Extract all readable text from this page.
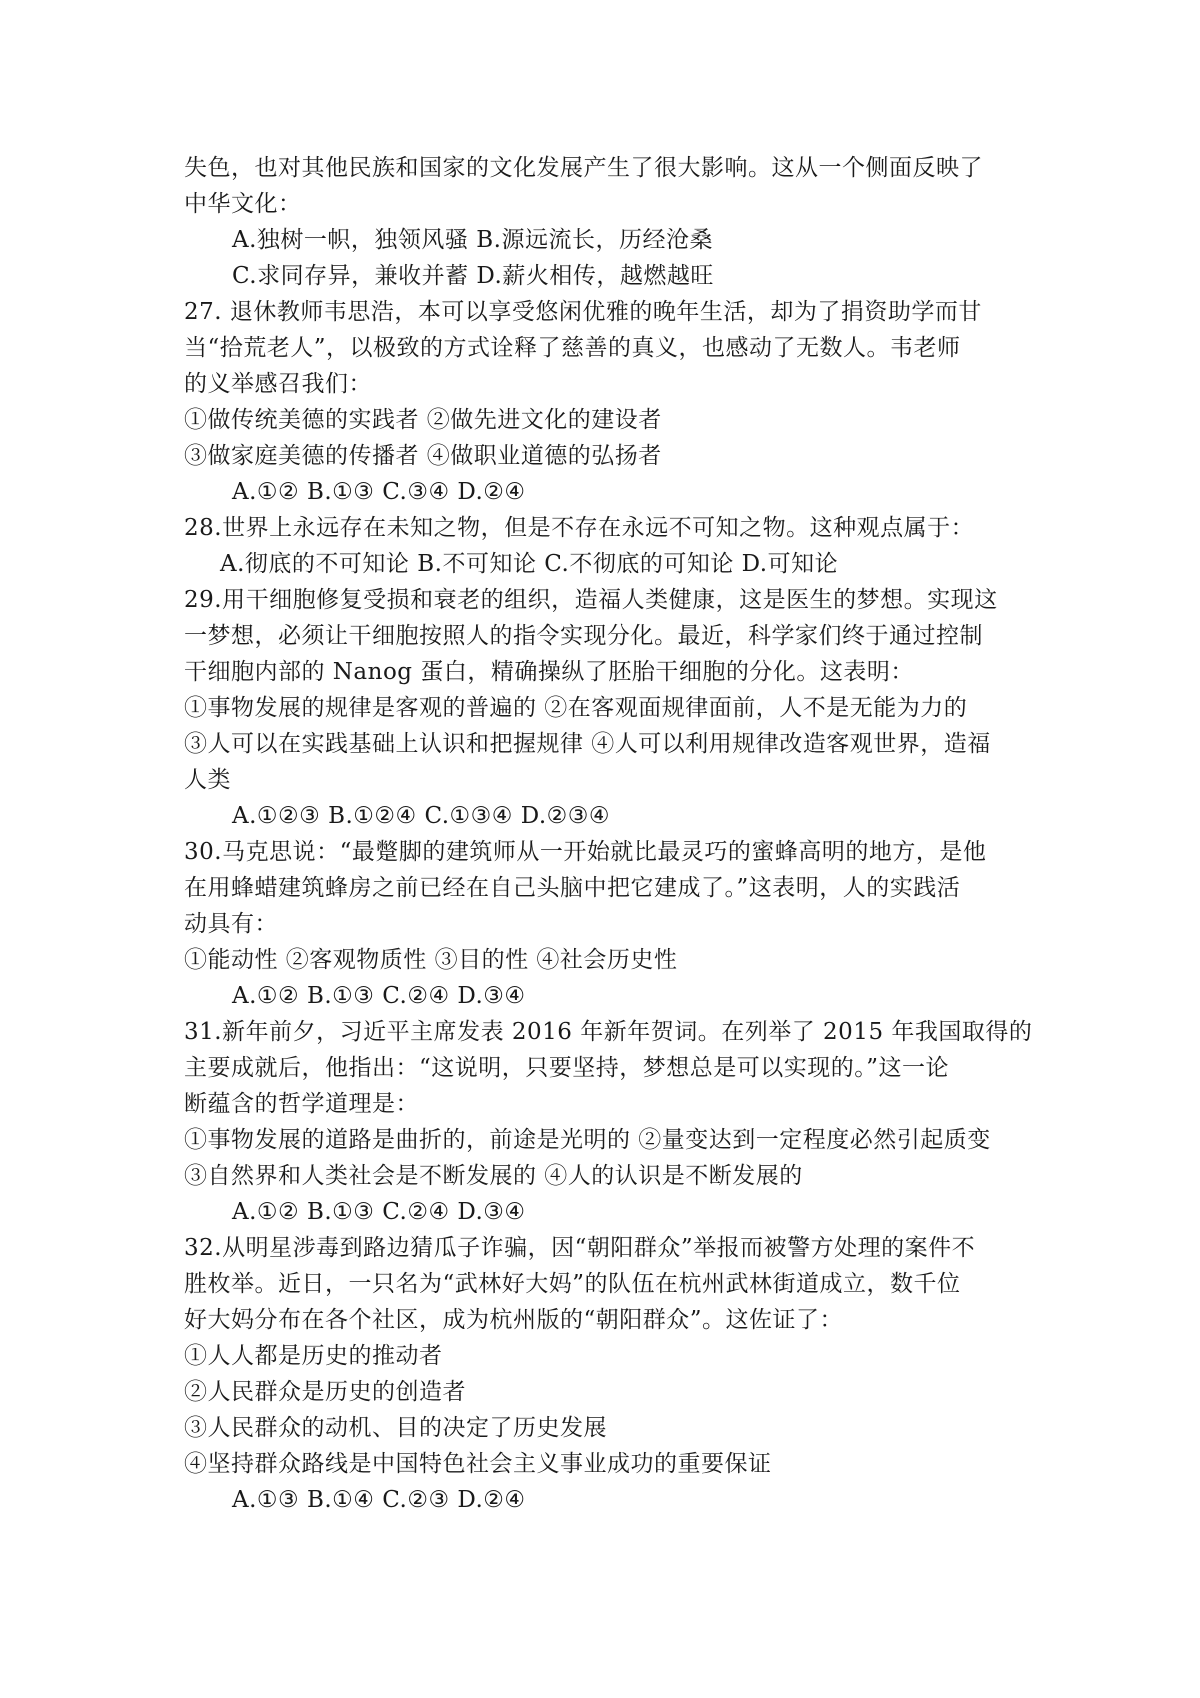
失色，也对其他民族和国家的文化发展产生了很大影响。这从一个侧面反映了
中华文化：
A.独树一帜，独领风骚 B.源远流长，历经沧桑
C.求同存异，兼收并蓄 D.薪火相传，越燃越旺
27. 退休教师韦思浩，本可以享受悠闲优雅的晚年生活，却为了捐资助学而甘
当“拾荒老人”，以极致的方式诠释了慈善的真义，也感动了无数人。韦老师
的义举感召我们：
①做传统美德的实践者 ②做先进文化的建设者
③做家庭美德的传播者 ④做职业道德的弘扬者
A.①② B.①③ C.③④ D.②④
28.世界上永远存在未知之物，但是不存在永远不可知之物。这种观点属于：
A.彻底的不可知论 B.不可知论 C.不彻底的可知论 D.可知论
29.用干细胞修复受损和衰老的组织，造福人类健康，这是医生的梦想。实现这
一梦想，必须让干细胞按照人的指令实现分化。最近，科学家们终于通过控制
干细胞内部的 Nanog 蛋白，精确操纵了胚胎干细胞的分化。这表明：
①事物发展的规律是客观的普遍的 ②在客观面规律面前，人不是无能为力的
③人可以在实践基础上认识和把握规律 ④人可以利用规律改造客观世界，造福
人类
A.①②③ B.①②④ C.①③④ D.②③④
30.马克思说：“最蹩脚的建筑师从一开始就比最灵巧的蜜蜂高明的地方，是他
在用蜂蜡建筑蜂房之前已经在自己头脑中把它建成了。”这表明，人的实践活
动具有：
①能动性 ②客观物质性 ③目的性 ④社会历史性
A.①② B.①③ C.②④ D.③④
31.新年前夕，习近平主席发表 2016 年新年贺词。在列举了 2015 年我国取得的
主要成就后，他指出：“这说明，只要坚持，梦想总是可以实现的。”这一论
断蕴含的哲学道理是：
①事物发展的道路是曲折的，前途是光明的 ②量变达到一定程度必然引起质变
③自然界和人类社会是不断发展的 ④人的认识是不断发展的
A.①② B.①③ C.②④ D.③④
32.从明星涉毒到路边猜瓜子诈骗，因“朝阳群众”举报而被警方处理的案件不
胜枚举。近日，一只名为“武林好大妈”的队伍在杭州武林街道成立，数千位
好大妈分布在各个社区，成为杭州版的“朝阳群众”。这佐证了：
①人人都是历史的推动者
②人民群众是历史的创造者
③人民群众的动机、目的决定了历史发展
④坚持群众路线是中国特色社会主义事业成功的重要保证
A.①③ B.①④ C.②③ D.②④
